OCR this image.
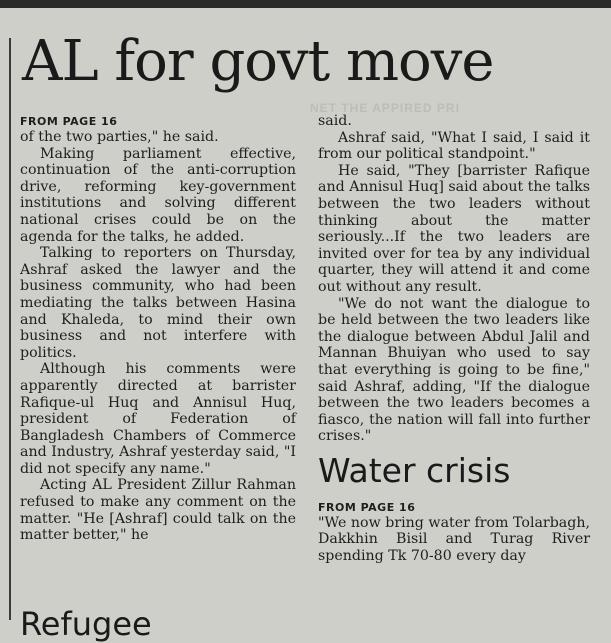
AL for govt move
NET THE APPIRED PRI
FROM PAGE 16

of the two parties," he said.

Making parliament effective, continuation of the anti-corruption drive, reforming key-government institutions and solving different national crises could be on the agenda for the talks, he added.

Talking to reporters on Thursday, Ashraf asked the lawyer and the business community, who had been mediating the talks between Hasina and Khaleda, to mind their own business and not interfere with politics.

Although his comments were apparently directed at barrister Rafique-ul Huq and Annisul Huq, president of Federation of Bangladesh Chambers of Commerce and Industry, Ashraf yesterday said, "I did not specify any name."

Acting AL President Zillur Rahman refused to make any comment on the matter. "He [Ashraf] could talk on the matter better," he

Refugee

said.

Ashraf said, "What I said, I said it from our political standpoint."

He said, "They [barrister Rafique and Annisul Huq] said about the talks between the two leaders without thinking about the matter seriously...If the two leaders are invited over for tea by any individual quarter, they will attend it and come out without any result.

"We do not want the dialogue to be held between the two leaders like the dialogue between Abdul Jalil and Mannan Bhuiyan who used to say that everything is going to be fine," said Ashraf, adding, "If the dialogue between the two leaders becomes a fiasco, the nation will fall into further crises."

Water crisis
FROM PAGE 16

"We now bring water from Tolarbagh, Dakkhin Bisil and Turag River spending Tk 70-80 every day
